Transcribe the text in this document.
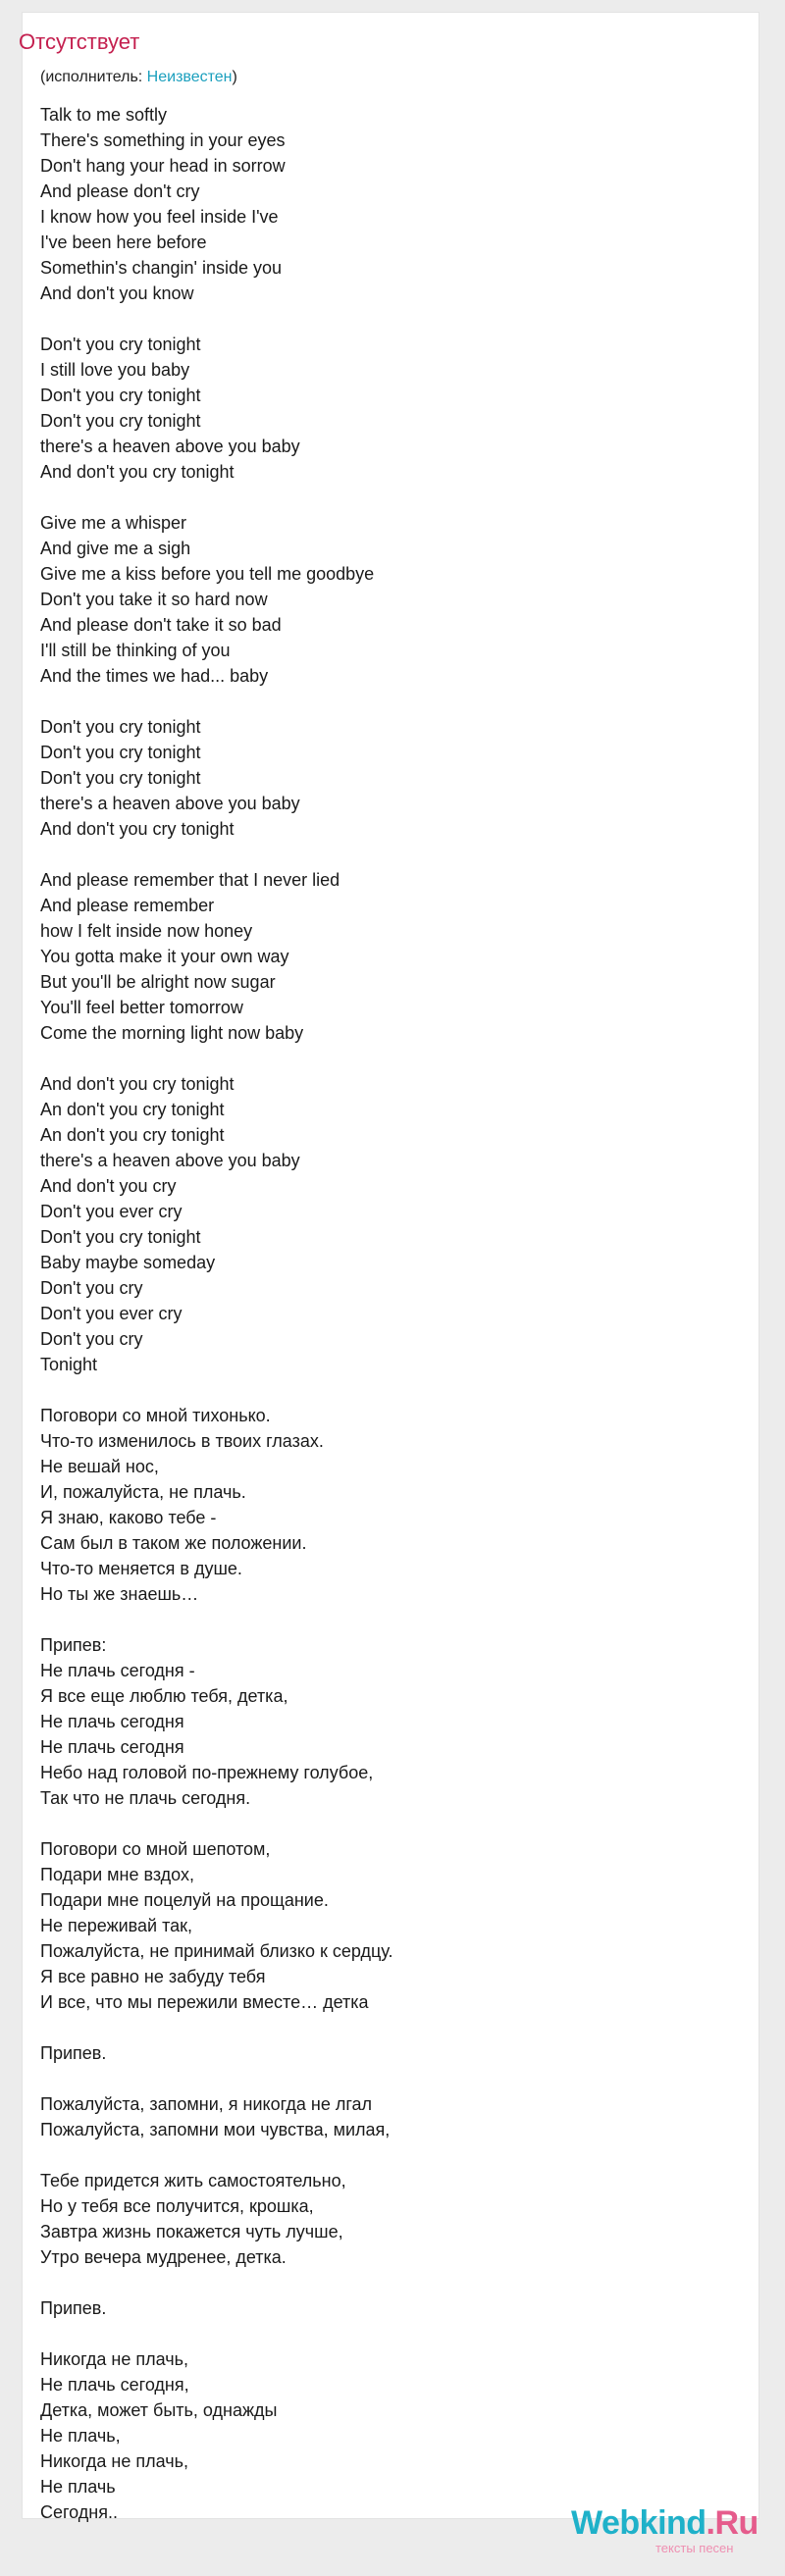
Отсутствует
(исполнитель: Неизвестен)
Talk to me softly
There's something in your eyes
Don't hang your head in sorrow
And please don't cry
I know how you feel inside I've
I've been here before
Somethin's changin' inside you
And don't you know
Don't you cry tonight
I still love you baby
Don't you cry tonight
Don't you cry tonight
there's a heaven above you baby
And don't you cry tonight
Give me a whisper
And give me a sigh
Give me a kiss before you tell me goodbye
Don't you take it so hard now
And please don't take it so bad
I'll still be thinking of you
And the times we had... baby
Don't you cry tonight
Don't you cry tonight
Don't you cry tonight
there's a heaven above you baby
And don't you cry tonight
And please remember that I never lied
And please remember
how I felt inside now honey
You gotta make it your own way
But you'll be alright now sugar
You'll feel better tomorrow
Come the morning light now baby
And don't you cry tonight
An don't you cry tonight
An don't you cry tonight
there's a heaven above you baby
And don't you cry
Don't you ever cry
Don't you cry tonight
Baby maybe someday
Don't you cry
Don't you ever cry
Don't you cry
Tonight
Поговори со мной тихонько.
Что-то изменилось в твоих глазах.
Не вешай нос,
И, пожалуйста, не плачь.
Я знаю, каково тебе -
Сам был в таком же положении.
Что-то меняется в душе.
Но ты же знаешь…
Припев:
Не плачь сегодня -
Я все еще люблю тебя, детка,
Не плачь сегодня
Не плачь сегодня
Небо над головой по-прежнему голубое,
Так что не плачь сегодня.
Поговори со мной шепотом,
Подари мне вздох,
Подари мне поцелуй на прощание.
Не переживай так,
Пожалуйста, не принимай близко к сердцу.
Я все равно не забуду тебя
И все, что мы пережили вместе… детка
Припев.
Пожалуйста, запомни, я никогда не лгал
Пожалуйста, запомни мои чувства, милая,
Тебе придется жить самостоятельно,
Но у тебя все получится, крошка,
Завтра жизнь покажется чуть лучше,
Утро вечера мудренее, детка.
Припев.
Никогда не плачь,
Не плачь сегодня,
Детка, может быть, однажды
Не плачь,
Никогда не плачь,
Не плачь
Сегодня..	Webkind.Ru
тексты песен
